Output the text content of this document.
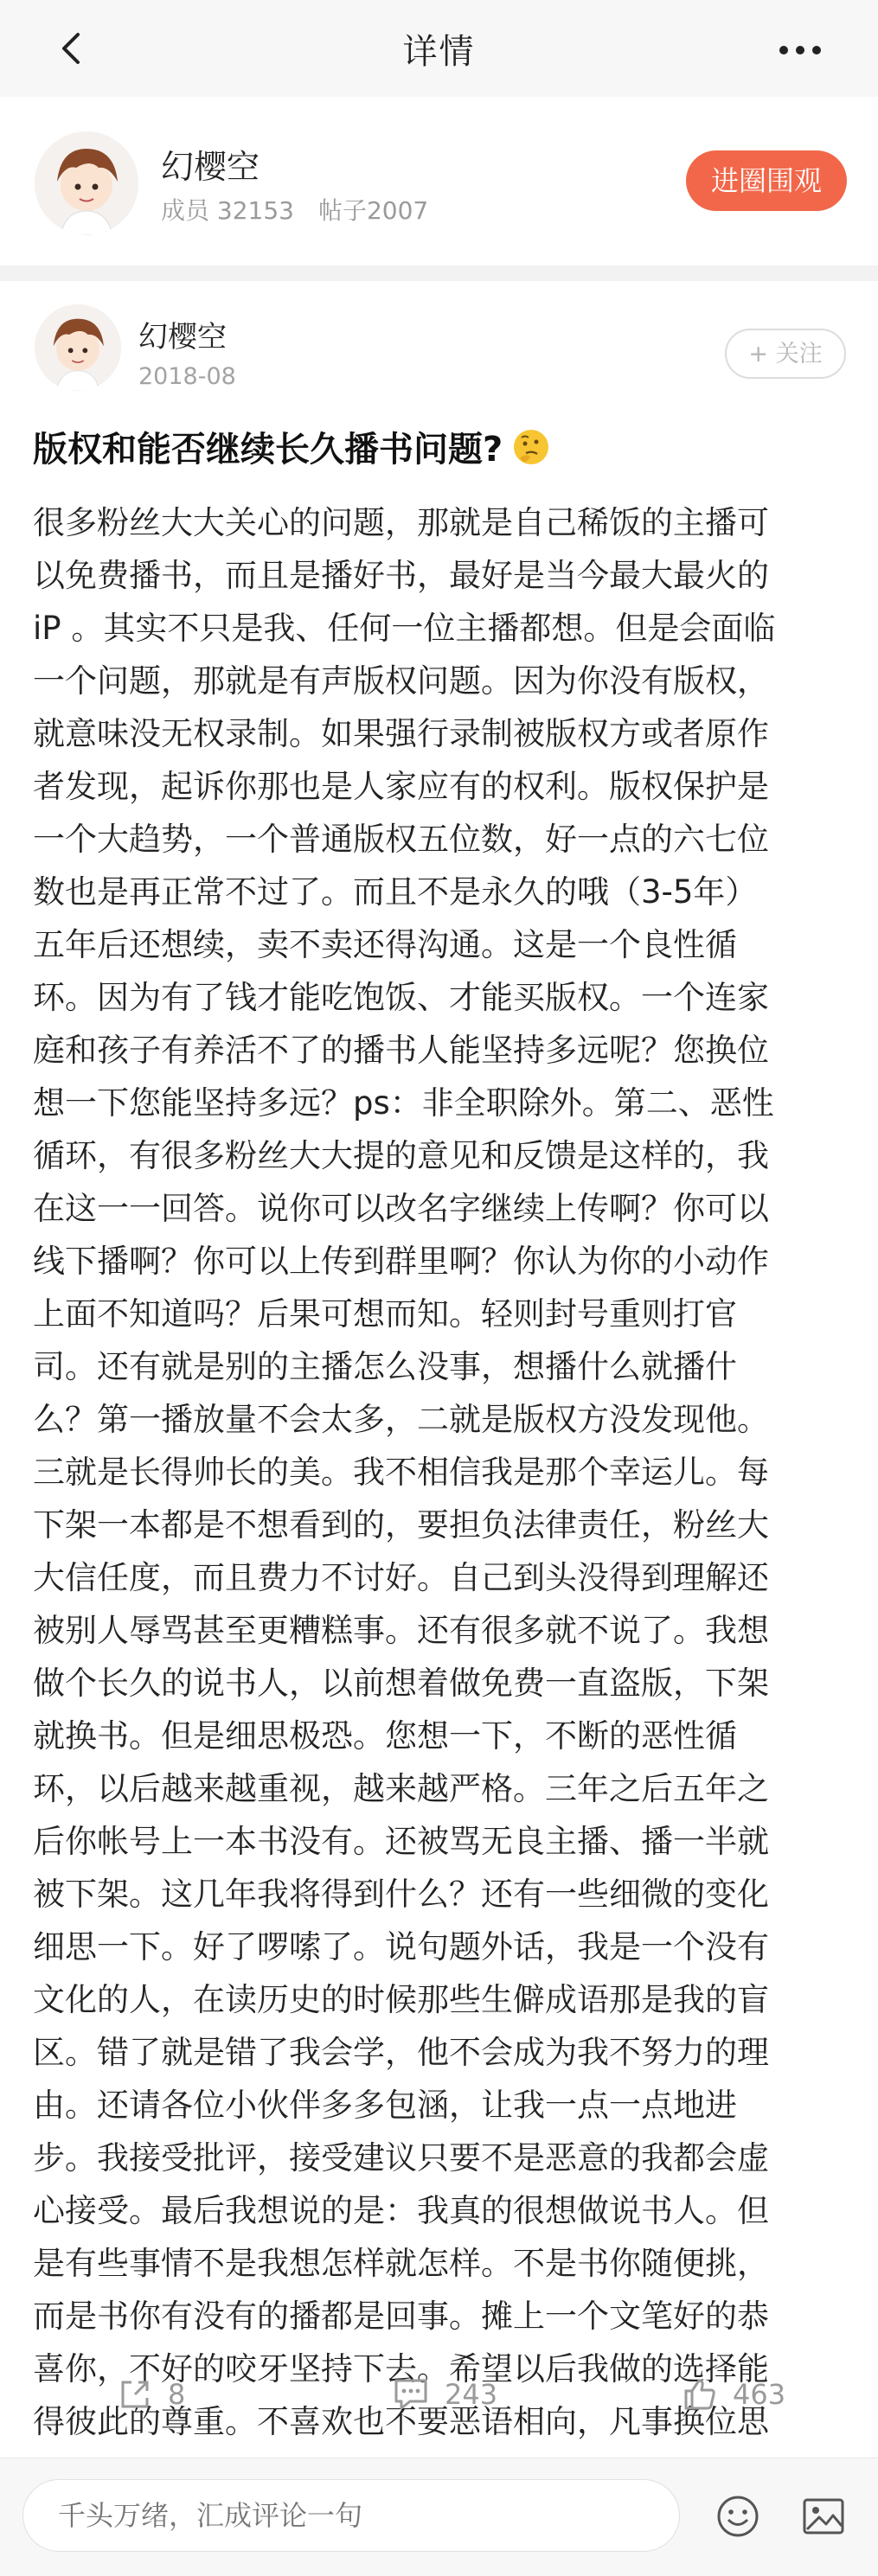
详情
幻樱空
成员 32153 帖子2007
进圈围观
幻樱空
2018-08
+ 关注
版权和能否继续长久播书问题?
很多粉丝大大关心的问题，那就是自己稀饭的主播可
以免费播书，而且是播好书，最好是当今最大最火的
iP 。其实不只是我、任何一位主播都想。但是会面临
一个问题，那就是有声版权问题。因为你没有版权，
就意味没无权录制。如果强行录制被版权方或者原作
者发现，起诉你那也是人家应有的权利。版权保护是
一个大趋势，一个普通版权五位数，好一点的六七位
数也是再正常不过了。而且不是永久的哦（3-5年）
五年后还想续，卖不卖还得沟通。这是一个良性循
环。因为有了钱才能吃饱饭、才能买版权。一个连家
庭和孩子有养活不了的播书人能坚持多远呢？您换位
想一下您能坚持多远？ps：非全职除外。第二、恶性
循环，有很多粉丝大大提的意见和反馈是这样的，我
在这一一回答。说你可以改名字继续上传啊？你可以
线下播啊？你可以上传到群里啊？你认为你的小动作
上面不知道吗？后果可想而知。轻则封号重则打官
司。还有就是别的主播怎么没事，想播什么就播什
么？第一播放量不会太多，二就是版权方没发现他。
三就是长得帅长的美。我不相信我是那个幸运儿。每
下架一本都是不想看到的，要担负法律责任，粉丝大
大信任度，而且费力不讨好。自己到头没得到理解还
被别人辱骂甚至更糟糕事。还有很多就不说了。我想
做个长久的说书人，以前想着做免费一直盗版，下架
就换书。但是细思极恐。您想一下，不断的恶性循
环，以后越来越重视，越来越严格。三年之后五年之
后你帐号上一本书没有。还被骂无良主播、播一半就
被下架。这几年我将得到什么？还有一些细微的变化
细思一下。好了啰嗦了。说句题外话，我是一个没有
文化的人，在读历史的时候那些生僻成语那是我的盲
区。错了就是错了我会学，他不会成为我不努力的理
由。还请各位小伙伴多多包涵，让我一点一点地进
步。我接受批评，接受建议只要不是恶意的我都会虚
心接受。最后我想说的是：我真的很想做说书人。但
是有些事情不是我想怎样就怎样。不是书你随便挑，
而是书你有没有的播都是回事。摊上一个文笔好的恭
喜你，不好的咬牙坚持下去。希望以后我做的选择能
得彼此的尊重。不喜欢也不要恶语相向，凡事换位思
8	243	463
千头万绪，汇成评论一句
